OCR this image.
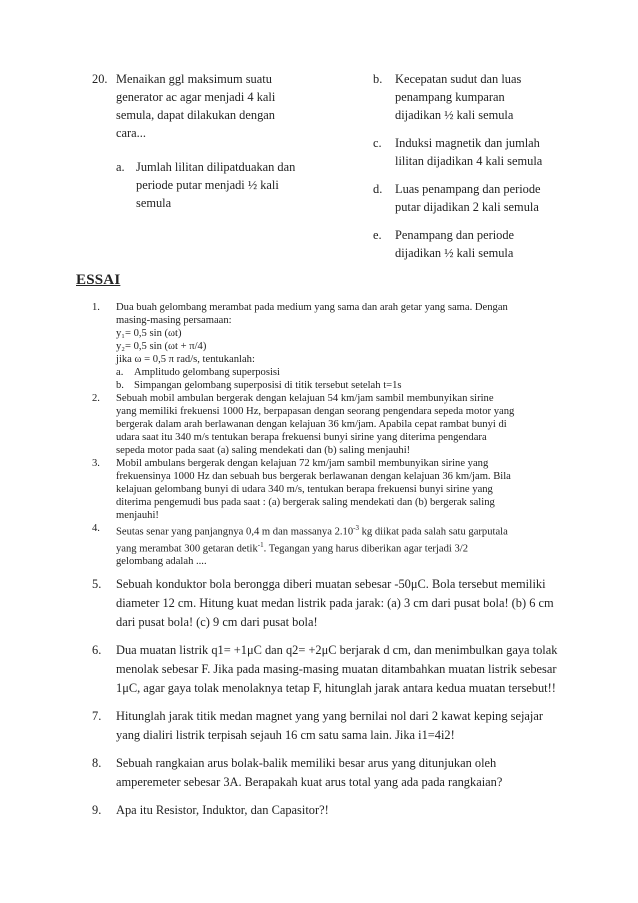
20. Menaikan ggl maksimum suatu generator ac agar menjadi 4 kali semula, dapat dilakukan dengan cara...
a. Jumlah lilitan dilipatduakan dan periode putar menjadi ½ kali semula
b. Kecepatan sudut dan luas penampang kumparan dijadikan ½ kali semula
c. Induksi magnetik dan jumlah lilitan dijadikan 4 kali semula
d. Luas penampang dan periode putar dijadikan 2 kali semula
e. Penampang dan periode dijadikan ½ kali semula
ESSAI
1. Dua buah gelombang merambat pada medium yang sama dan arah getar yang sama. Dengan
masing-masing persamaan:
y₁= 0,5 sin (ωt)
y₂= 0,5 sin (ωt + π/4)
jika ω = 0,5 π rad/s, tentukanlah:
a. Amplitudo gelombang superposisi
b. Simpangan gelombang superposisi di titik tersebut setelah t=1s
2. Sebuah mobil ambulan bergerak dengan kelajuan 54 km/jam sambil membunyikan sirine
yang memiliki frekuensi 1000 Hz, berpapasan dengan seorang pengendara sepeda motor yang
bergerak dalam arah berlawanan dengan kelajuan 36 km/jam. Apabila cepat rambat bunyi di
udara saat itu 340 m/s tentukan berapa frekuensi bunyi sirine yang diterima pengendara
sepeda motor pada saat (a) saling mendekati dan (b) saling menjauhi!
3. Mobil ambulans bergerak dengan kelajuan 72 km/jam sambil membunyikan sirine yang
frekuensinya 1000 Hz dan sebuah bus bergerak berlawanan dengan kelajuan 36 km/jam. Bila
kelajuan gelombang bunyi di udara 340 m/s, tentukan berapa frekuensi bunyi sirine yang
diterima pengemudi bus pada saat : (a) bergerak saling mendekati dan (b) bergerak saling
menjauhi!
4. Seutas senar yang panjangnya 0,4 m dan massanya $2.10^{-3}$ kg diikat pada salah satu garputala
yang merambat 300 getaran detik$^{-1}$. Tegangan yang harus diberikan agar terjadi 3/2
gelombang adalah ....
5. Sebuah konduktor bola berongga diberi muatan sebesar -50μC. Bola tersebut memiliki diameter 12 cm. Hitung kuat medan listrik pada jarak: (a) 3 cm dari pusat bola! (b) 6 cm dari pusat bola! (c) 9 cm dari pusat bola!
6. Dua muatan listrik q1= +1μC dan q2= +2μC berjarak d cm, dan menimbulkan gaya tolak menolak sebesar F. Jika pada masing-masing muatan ditambahkan muatan listrik sebesar 1μC, agar gaya tolak menolaknya tetap F, hitunglah jarak antara kedua muatan tersebut!!
7. Hitunglah jarak titik medan magnet yang yang bernilai nol dari 2 kawat keping sejajar yang dialiri listrik terpisah sejauh 16 cm satu sama lain. Jika i1=4i2!
8. Sebuah rangkaian arus bolak-balik memiliki besar arus yang ditunjukan oleh amperemeter sebesar 3A. Berapakah kuat arus total yang ada pada rangkaian?
9. Apa itu Resistor, Induktor, dan Capasitor?!
